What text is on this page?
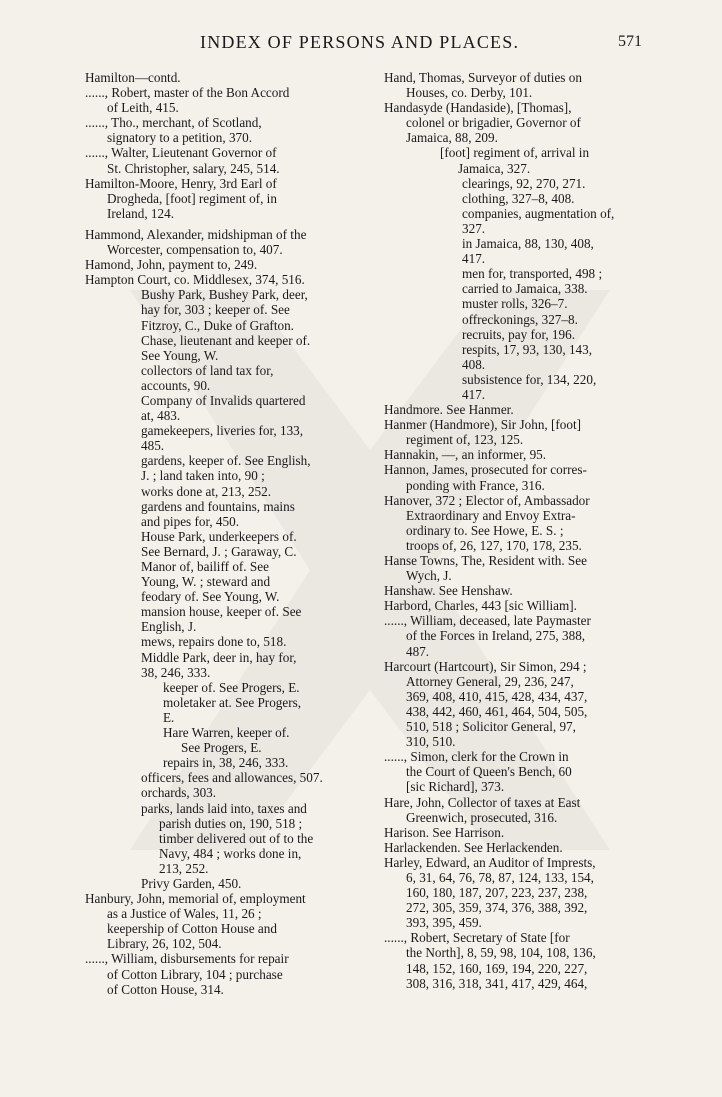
INDEX OF PERSONS AND PLACES.	571
Hamilton—contd.
......, Robert, master of the Bon Accord
of Leith, 415.
......, Tho., merchant, of Scotland,
signatory to a petition, 370.
......, Walter, Lieutenant Governor of
St. Christopher, salary, 245, 514.
Hamilton-Moore, Henry, 3rd Earl of
Drogheda, [foot] regiment of, in
Ireland, 124.
Hammond, Alexander, midshipman of the
Worcester, compensation to, 407.
Hamond, John, payment to, 249.
Hampton Court, co. Middlesex, 374, 516.
Bushy Park, Bushey Park, deer,
hay for, 303 ; keeper of. See
Fitzroy, C., Duke of Grafton.
Chase, lieutenant and keeper of.
See Young, W.
collectors of land tax for,
accounts, 90.
Company of Invalids quartered
at, 483.
gamekeepers, liveries for, 133,
485.
gardens, keeper of. See English,
J. ; land taken into, 90 ;
works done at, 213, 252.
gardens and fountains, mains
and pipes for, 450.
House Park, underkeepers of.
See Bernard, J. ; Garaway, C.
Manor of, bailiff of. See
Young, W. ; steward and
feodary of. See Young, W.
mansion house, keeper of. See
English, J.
mews, repairs done to, 518.
Middle Park, deer in, hay for,
38, 246, 333.
keeper of. See Progers, E.
moletaker at. See Progers,
E.
Hare Warren, keeper of.
See Progers, E.
repairs in, 38, 246, 333.
officers, fees and allowances, 507.
orchards, 303.
parks, lands laid into, taxes and
parish duties on, 190, 518 ;
timber delivered out of to the
Navy, 484 ; works done in,
213, 252.
Privy Garden, 450.
Hanbury, John, memorial of, employment
as a Justice of Wales, 11, 26 ;
keepership of Cotton House and
Library, 26, 102, 504.
......, William, disbursements for repair
of Cotton Library, 104 ; purchase
of Cotton House, 314.
Hand, Thomas, Surveyor of duties on
Houses, co. Derby, 101.
Handasyde (Handaside), [Thomas],
colonel or brigadier, Governor of
Jamaica, 88, 209.
[foot] regiment of, arrival in
Jamaica, 327.
clearings, 92, 270, 271.
clothing, 327–8, 408.
companies, augmentation of,
327.
in Jamaica, 88, 130, 408,
417.
men for, transported, 498 ;
carried to Jamaica, 338.
muster rolls, 326–7.
offreckonings, 327–8.
recruits, pay for, 196.
respits, 17, 93, 130, 143,
408.
subsistence for, 134, 220,
417.
Handmore. See Hanmer.
Hanmer (Handmore), Sir John, [foot]
regiment of, 123, 125.
Hannakin, —, an informer, 95.
Hannon, James, prosecuted for corres-
ponding with France, 316.
Hanover, 372 ; Elector of, Ambassador
Extraordinary and Envoy Extra-
ordinary to. See Howe, E. S. ;
troops of, 26, 127, 170, 178, 235.
Hanse Towns, The, Resident with. See
Wych, J.
Hanshaw. See Henshaw.
Harbord, Charles, 443 [sic William].
......, William, deceased, late Paymaster
of the Forces in Ireland, 275, 388,
487.
Harcourt (Hartcourt), Sir Simon, 294 ;
Attorney General, 29, 236, 247,
369, 408, 410, 415, 428, 434, 437,
438, 442, 460, 461, 464, 504, 505,
510, 518 ; Solicitor General, 97,
310, 510.
......, Simon, clerk for the Crown in
the Court of Queen's Bench, 60
[sic Richard], 373.
Hare, John, Collector of taxes at East
Greenwich, prosecuted, 316.
Harison. See Harrison.
Harlackenden. See Herlackenden.
Harley, Edward, an Auditor of Imprests,
6, 31, 64, 76, 78, 87, 124, 133, 154,
160, 180, 187, 207, 223, 237, 238,
272, 305, 359, 374, 376, 388, 392,
393, 395, 459.
......, Robert, Secretary of State [for
the North], 8, 59, 98, 104, 108, 136,
148, 152, 160, 169, 194, 220, 227,
308, 316, 318, 341, 417, 429, 464,
